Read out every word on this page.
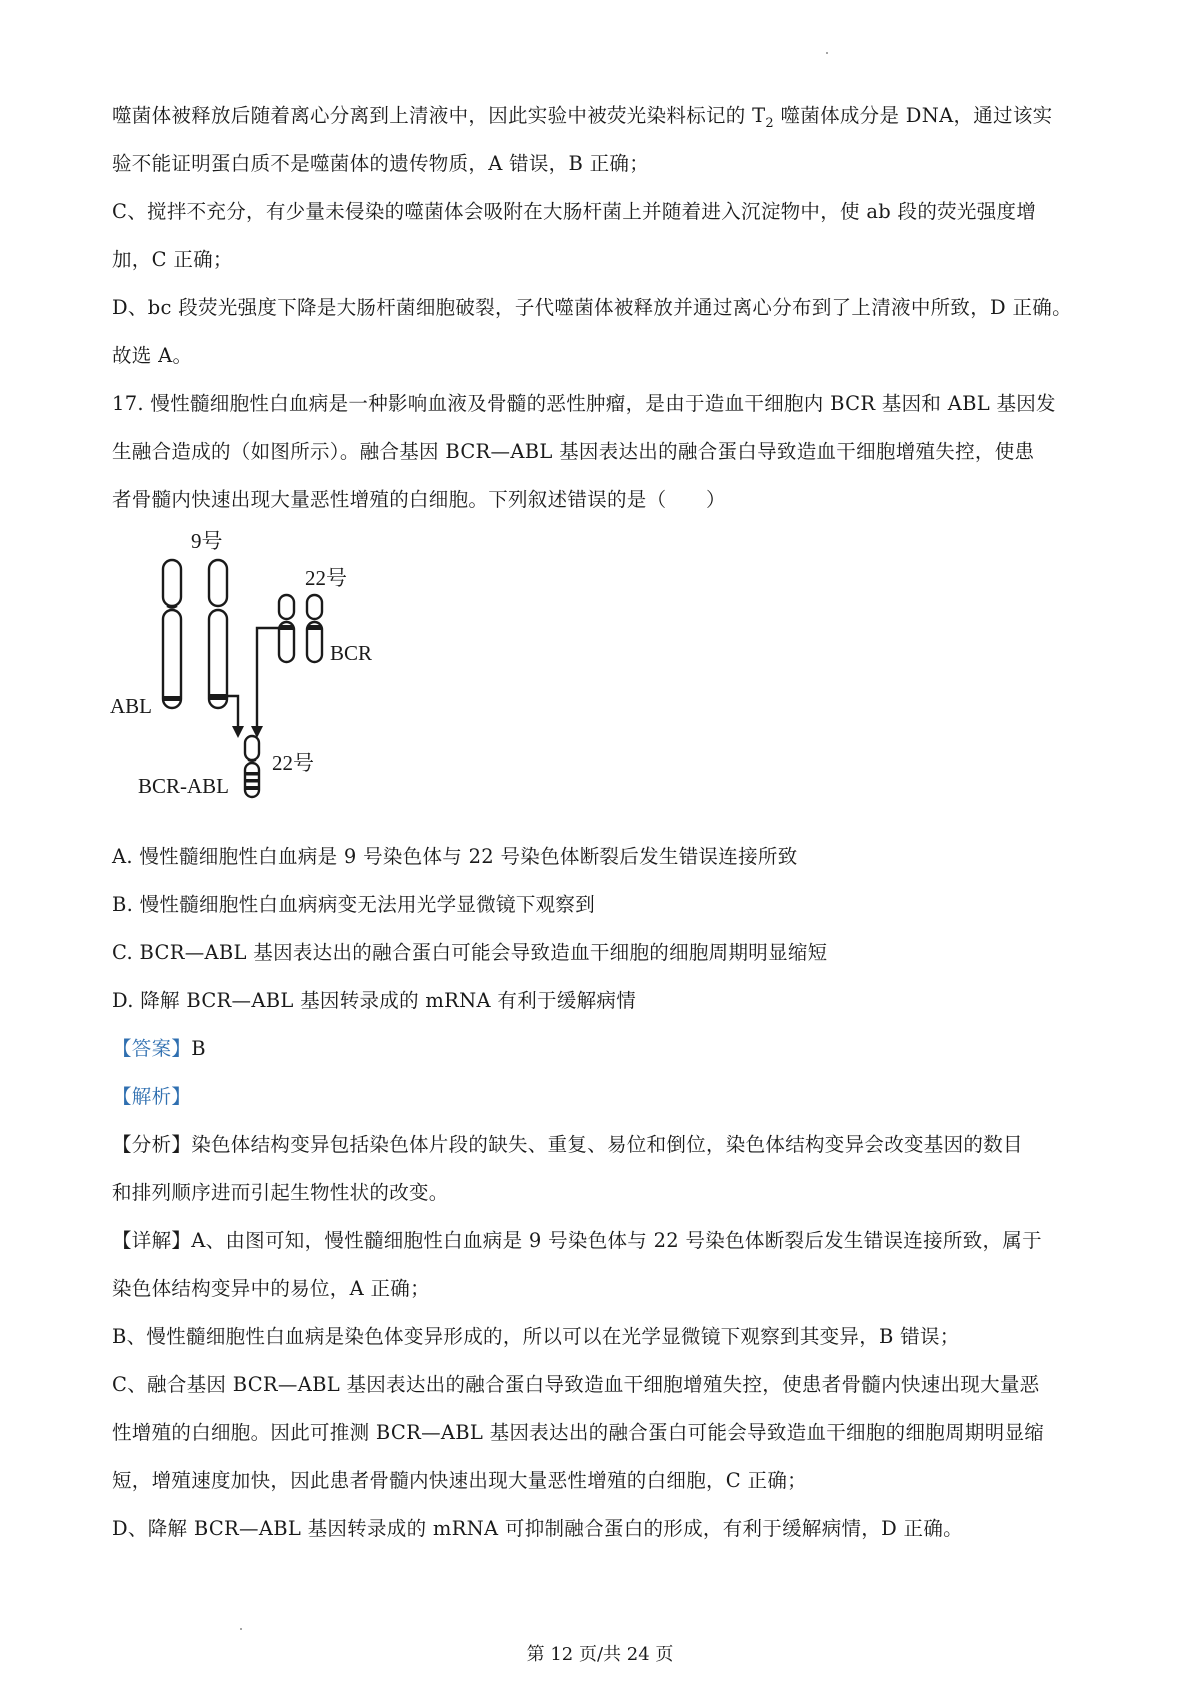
噬菌体被释放后随着离心分离到上清液中，因此实验中被荧光染料标记的 $T_2$ 噬菌体成分是 DNA，通过该实
验不能证明蛋白质不是噬菌体的遗传物质，A 错误，B 正确；
C、搅拌不充分，有少量未侵染的噬菌体会吸附在大肠杆菌上并随着进入沉淀物中，使 ab 段的荧光强度增
加，C 正确；
D、bc 段荧光强度下降是大肠杆菌细胞破裂，子代噬菌体被释放并通过离心分布到了上清液中所致，D 正确。
故选 A。
17. 慢性髓细胞性白血病是一种影响血液及骨髓的恶性肿瘤，是由于造血干细胞内 BCR 基因和 ABL 基因发
生融合造成的（如图所示）。融合基因 BCR—ABL 基因表达出的融合蛋白导致造血干细胞增殖失控，使患
者骨髓内快速出现大量恶性增殖的白细胞。下列叙述错误的是（　　）
9号
22号
BCR
ABL
22号
BCR-ABL
A. 慢性髓细胞性白血病是 9 号染色体与 22 号染色体断裂后发生错误连接所致
B. 慢性髓细胞性白血病病变无法用光学显微镜下观察到
C. BCR—ABL 基因表达出的融合蛋白可能会导致造血干细胞的细胞周期明显缩短
D. 降解 BCR—ABL 基因转录成的 mRNA 有利于缓解病情
【答案】B
【解析】
【分析】染色体结构变异包括染色体片段的缺失、重复、易位和倒位，染色体结构变异会改变基因的数目
和排列顺序进而引起生物性状的改变。
【详解】A、由图可知，慢性髓细胞性白血病是 9 号染色体与 22 号染色体断裂后发生错误连接所致，属于
染色体结构变异中的易位，A 正确；
B、慢性髓细胞性白血病是染色体变异形成的，所以可以在光学显微镜下观察到其变异，B 错误；
C、融合基因 BCR—ABL 基因表达出的融合蛋白导致造血干细胞增殖失控，使患者骨髓内快速出现大量恶
性增殖的白细胞。因此可推测 BCR—ABL 基因表达出的融合蛋白可能会导致造血干细胞的细胞周期明显缩
短，增殖速度加快，因此患者骨髓内快速出现大量恶性增殖的白细胞，C 正确；
D、降解 BCR—ABL 基因转录成的 mRNA 可抑制融合蛋白的形成，有利于缓解病情，D 正确。
第 12 页/共 24 页
